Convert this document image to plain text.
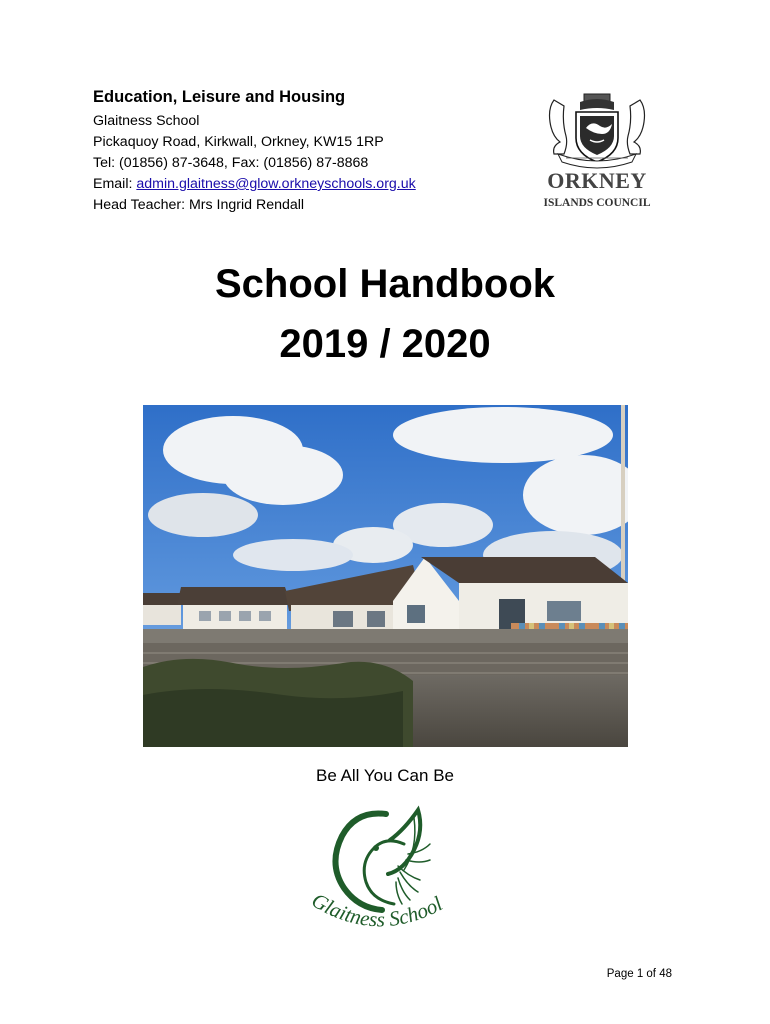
Education, Leisure and Housing

Glaitness School

Pickaquoy Road, Kirkwall, Orkney, KW15 1RP

Tel: (01856) 87-3648, Fax: (01856) 87-8868

Email: admin.glaitness@glow.orkneyschools.org.uk

Head Teacher: Mrs Ingrid Rendall

ORKNEY
ISLANDS COUNCIL
School Handbook
2019 / 2020

Be All You Can Be

Glaitness School

Page 1 of 48
